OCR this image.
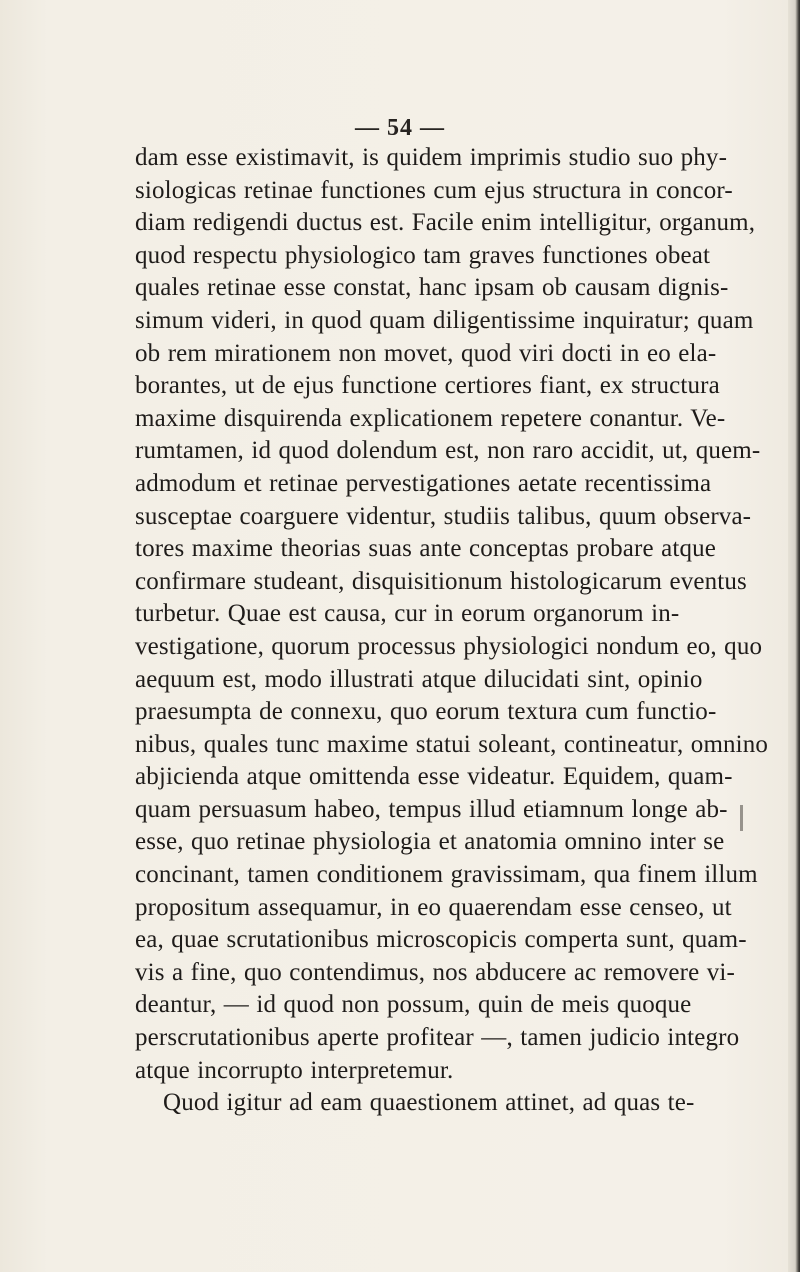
— 54 —
dam esse existimavit, is quidem imprimis studio suo phy-
siologicas retinae functiones cum ejus structura in concor-
diam redigendi ductus est. Facile enim intelligitur, organum,
quod respectu physiologico tam graves functiones obeat
quales retinae esse constat, hanc ipsam ob causam dignis-
simum videri, in quod quam diligentissime inquiratur; quam
ob rem mirationem non movet, quod viri docti in eo ela-
borantes, ut de ejus functione certiores fiant, ex structura
maxime disquirenda explicationem repetere conantur. Ve-
rumtamen, id quod dolendum est, non raro accidit, ut, quem-
admodum et retinae pervestigationes aetate recentissima
susceptae coarguere videntur, studiis talibus, quum observa-
tores maxime theorias suas ante conceptas probare atque
confirmare studeant, disquisitionum histologicarum eventus
turbetur. Quae est causa, cur in eorum organorum in-
vestigatione, quorum processus physiologici nondum eo, quo
aequum est, modo illustrati atque dilucidati sint, opinio
praesumpta de connexu, quo eorum textura cum functio-
nibus, quales tunc maxime statui soleant, contineatur, omnino
abjicienda atque omittenda esse videatur. Equidem, quam-
quam persuasum habeo, tempus illud etiamnum longe ab-
esse, quo retinae physiologia et anatomia omnino inter se
concinant, tamen conditionem gravissimam, qua finem illum
propositum assequamur, in eo quaerendam esse censeo, ut
ea, quae scrutationibus microscopicis comperta sunt, quam-
vis a fine, quo contendimus, nos abducere ac removere vi-
deantur, — id quod non possum, quin de meis quoque
perscrutationibus aperte profitear —, tamen judicio integro
atque incorrupto interpretemur.
Quod igitur ad eam quaestionem attinet, ad quas te-
